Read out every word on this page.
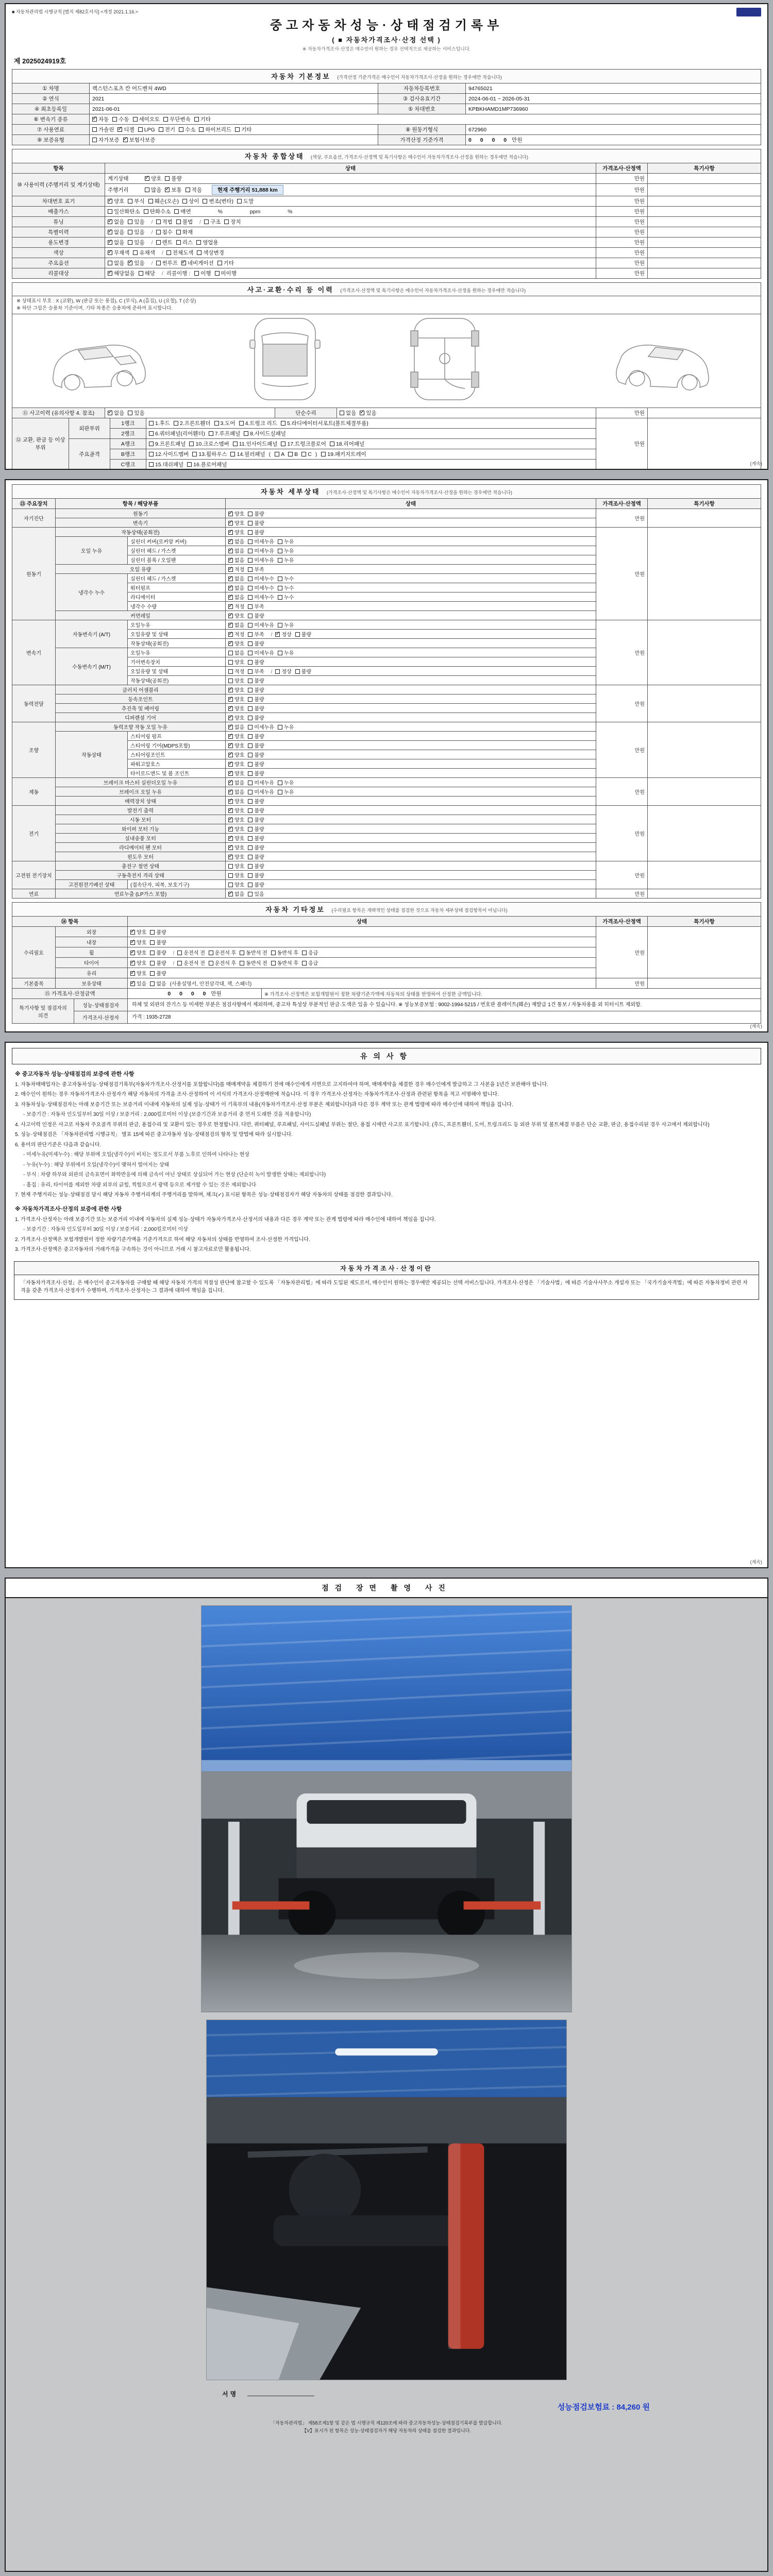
■ 자동차관리법 시행규칙 [별지 제82호서식] <개정 2021.1.16.>
중고자동차성능·상태점검기록부
( ■ 자동차가격조사·산정 선택 )
※ 자동차가격조사·산정은 매수인이 원하는 경우 선택적으로 제공하는 서비스입니다.
제 2025024919호
자동차 기본정보 (가격산정 기준가격은 매수인이 자동차가격조사·산정을 원하는 경우에만 적습니다)
① 차명	렉스턴스포츠 칸 어드벤처 4WD	자동차등록번호	94765021
② 연식	2021	③ 검사유효기간	2024-06-01 ~ 2026-05-31
④ 최초등록일	2021-06-01	⑤ 차대번호	KPBKHAMD1MP736960
⑥ 변속기 종류	✓자동 수동 세미오토 무단변속 기타
⑦ 사용연료	가솔린 ✓ 디젤 LPG 전기 수소 하이브리드 기타	⑧ 원동기형식	672960
⑨ 보증유형	자가보증 ✓ 보험사보증	가격산정 기준가격	0 0 0 0 만원
자동차 종합상태 (색상, 주요옵션, 가격조사·산정액 및 특기사항은 매수인이 자동차가격조사·산정을 원하는 경우에만 적습니다)
항목	상태	가격조사·산정액	특기사항
⑩ 사용이력 (주행거리 및 계기상태)	계기상태 ✓ 양호 불량	만원	
	주행거리 많음 ✓ 보통 적음 현재 주행거리 51,888 km	만원	
차대번호 표기	✓양호 부식 훼손(오손) 상이 변조(변타) 도말	만원	
배출가스	일산화탄소 탄화수소 매연　　　　 %　　　　 ppm　　　　 %	만원	
튜닝	✓없음 있음 / 적법 불법 / 구조 장치	만원	
특별이력	✓없음 있음 / 침수 화재	만원	
용도변경	✓없음 있음 / 렌트 리스 영업용	만원	
색상	✓무채색 유채색 / 전체도색 색상변경	만원	
주요옵션	없음 ✓ 있음 / 썬루프 ✓ 네비게이션 기타	만원	
리콜대상	✓해당없음 해당 / 리콜이행 : 이행 미이행	만원	
사고·교환·수리 등 이력 (가격조사·산정액 및 특기사항은 매수인이 자동차가격조사·산정을 원하는 경우에만 적습니다)
※ 상태표시 부호 : X (교환), W (판금 또는 용접), C (부식), A (흠집), U (요철), T (손상)
※ 하단 그림은 승용차 기준이며, 기타 차종은 승용차에 준하여 표시합니다.
⑪ 사고이력 (유의사항 4. 참조)	✓없음 있음	단순수리	없음 ✓ 있음	만원	
⑫ 교환, 판금 등 이상 부위	외판부위	1랭크	1.후드 2.프론트휀더 3.도어 4.트렁크 리드 5.라디에이터서포트(볼트체결부품)	만원	
		2랭크	6.쿼터패널(리어휀더) 7.루프패널 8.사이드실패널		
	주요골격	A랭크	9.프론트패널 10.크로스멤버 11.인사이드패널 17.트렁크플로어 18.리어패널		
		B랭크	12.사이드멤버 13.휠하우스 14.필러패널 ( A B C ) 19.패키지트레이		
		C랭크	15.대쉬패널 16.플로어패널			(계속)
자동차 세부상태 (가격조사·산정액 및 특기사항은 매수인이 자동차가격조사·산정을 원하는 경우에만 적습니다)
⑬ 주요장치	항목 / 해당부품		상태	가격조사·산정액	특기사항
자기진단	원동기	✓양호 불량	만원	
	변속기	✓양호 불량
원동기	작동상태(공회전)	✓양호 불량	만원	
	오일 누유	실린더 커버(로커암 커버)	✓없음 미세누유 누유
		실린더 헤드 / 가스켓	✓없음 미세누유 누유
		실린더 블록 / 오일팬	✓없음 미세누유 누유
	오일 유량	✓적정 부족
	냉각수 누수	실린더 헤드 / 가스켓	✓없음 미세누수 누수
		워터펌프	✓없음 미세누수 누수
		라디에이터	✓없음 미세누수 누수
		냉각수 수량	✓적정 부족
	커먼레일	✓양호 불량
변속기	자동변속기 (A/T)	오일누유	✓없음 미세누유 누유	만원	
		오일유량 및 상태	✓적정 부족 / ✓ 정상 불량
		작동상태(공회전)	✓양호 불량
	수동변속기 (M/T)	오일누유	없음 미세누유 누유		
		기어변속장치	양호 불량		
		오일유량 및 상태	적정 부족 / 정상 불량		
		작동상태(공회전)	양호 불량		
동력전달	클러치 어셈블리	✓양호 불량	만원	
	등속조인트	✓양호 불량
	추진축 및 베어링	✓양호 불량
	디퍼렌셜 기어	✓양호 불량
조향	동력조향 작동 오일 누유	✓없음 미세누유 누유	만원	
	작동상태	스티어링 펌프	✓양호 불량
		스티어링 기어(MDPS포함)	✓양호 불량
		스티어링조인트	✓양호 불량
		파워고압호스	✓양호 불량
		타이로드엔드 및 볼 조인트	✓양호 불량
제동	브레이크 마스터 실린더오일 누유	✓없음 미세누유 누유	만원	
	브레이크 오일 누유	✓없음 미세누유 누유
	배력장치 상태	✓양호 불량
전기	발전기 출력	✓양호 불량	만원	
	시동 모터	✓양호 불량
	와이퍼 모터 기능	✓양호 불량
	실내송풍 모터	✓양호 불량
	라디에이터 팬 모터	✓양호 불량
	윈도우 모터	✓양호 불량
고전원 전기장치	충전구 절연 상태		양호 불량	만원	
	구동축전지 격리 상태		양호 불량		
	고전원전기배선 상태	(접속단자, 피복, 보호기구)	양호 불량		
연료	연료누출 (LP가스 포함)	✓없음 있음	만원	
자동차 기타정보 (수리필요 항목은 개략적인 상태를 점검한 것으로 자동차 세부상태 점검항목이 아닙니다)
⑭ 항목		상태	가격조사·산정액	특기사항
수리필요	외장	✓양호 불량	만원	
	내장	✓양호 불량
	휠	✓양호 불량 / 운전석 전 운전석 후 동반석 전 동반석 후 응급
	타이어	✓양호 불량 / 운전석 전 운전석 후 동반석 전 동반석 후 응급
	유리	✓양호 불량
기본품목	보유상태	✓있음 없음 (사용설명서, 안전삼각대, 잭, 스패너)	만원	
⑮ 가격조사·산정금액	0 0 0 0 만원	※ 가격조사·산정액은 보험개발원이 정한 차량기준가액에 자동차의 상태를 반영하여 산정한 금액입니다.
특기사항 및 점검자의 의견	성능·상태점검자	하체 및 외판의 잔기스 등 미세한 부분은 점검사항에서 제외하며, 중고차 특성상 부분적인 판금·도색은 있을 수 있습니다. ※ 성능보증보험 : 9002-1994-5215 / 번호판 플레이트(훼손) 재발급 1건 통보 / 자동차용품 외 히터시트 제외함.
	가격조사·산정자	가격 : 1935-2728
(계속)
유의사항
※ 중고자동차 성능·상태점검의 보증에 관한 사항
1. 자동차매매업자는 중고자동차성능·상태점검기록부(자동차가격조사·산정서를 포함합니다)를 매매계약을 체결하기 전에 매수인에게 서면으로 고지하여야 하며, 매매계약을 체결한 경우 매수인에게 발급하고 그 사본을 1년간 보관해야 합니다.
2. 매수인이 원하는 경우 자동차가격조사·산정자가 해당 자동차의 가격을 조사·산정하여 이 서식의 가격조사·산정액란에 적습니다. 이 경우 가격조사·산정자는 자동차가격조사·산정과 관련된 항목을 적고 서명해야 합니다.
3. 자동차성능·상태점검자는 아래 보증기간 또는 보증거리 이내에 자동차의 실제 성능·상태가 이 기록부의 내용(자동차가격조사·산정 부분은 제외합니다)과 다른 경우 계약 또는 관계 법령에 따라 매수인에 대하여 책임을 집니다.
- 보증기간 : 자동차 인도일부터 30일 이상 / 보증거리 : 2,000킬로미터 이상 (보증기간과 보증거리 중 먼저 도래한 것을 적용합니다)
4. 사고이력 인정은 사고로 자동차 주요골격 부위의 판금, 용접수리 및 교환이 있는 경우로 한정합니다. 다만, 쿼터패널, 루프패널, 사이드실패널 부위는 절단, 용접 시에만 사고로 표기합니다. (후드, 프론트휀더, 도어, 트렁크리드 등 외판 부위 및 볼트체결 부품은 단순 교환, 판금, 용접수리된 경우 사고에서 제외합니다)
5. 성능·상태점검은 「자동차관리법 시행규칙」 별표 15에 따른 중고자동차 성능·상태점검의 항목 및 방법에 따라 실시합니다.
6. 용어의 판단기준은 다음과 같습니다.
- 미세누유(미세누수) : 해당 부위에 오일(냉각수)이 비치는 정도로서 부품 노후로 인하여 나타나는 현상
- 누유(누수) : 해당 부위에서 오일(냉각수)이 맺혀서 떨어지는 상태
- 부식 : 차량 하부와 외판의 금속표면이 화학반응에 의해 금속이 아닌 상태로 상실되어 가는 현상 (단순히 녹이 발생한 상태는 제외합니다)
- 흠집 : 유리, 타이어를 제외한 차량 외부의 긁힘, 찍힘으로서 광택 등으로 제거할 수 있는 것은 제외합니다
7. 현재 주행거리는 성능·상태점검 당시 해당 자동차 주행거리계의 주행거리를 말하며, 체크(✓) 표시된 항목은 성능·상태점검자가 해당 자동차의 상태를 점검한 결과입니다.
※ 자동차가격조사·산정의 보증에 관한 사항
1. 가격조사·산정자는 아래 보증기간 또는 보증거리 이내에 자동차의 실제 성능·상태가 자동차가격조사·산정서의 내용과 다른 경우 계약 또는 관계 법령에 따라 매수인에 대하여 책임을 집니다.
- 보증기간 : 자동차 인도일부터 30일 이상 / 보증거리 : 2,000킬로미터 이상
2. 가격조사·산정액은 보험개발원이 정한 차량기준가액을 기준가격으로 하여 해당 자동차의 상태를 반영하여 조사·산정한 가격입니다.
3. 가격조사·산정액은 중고자동차의 거래가격을 구속하는 것이 아니므로 거래 시 참고자료로만 활용됩니다.
자동차가격조사·산정이란
「자동차가격조사·산정」은 매수인이 중고자동차를 구매할 때 해당 자동차 가격의 적절성 판단에 참고할 수 있도록 「자동차관리법」에 따라 도입된 제도로서, 매수인이 원하는 경우에만 제공되는 선택 서비스입니다. 가격조사·산정은 「기술사법」에 따른 기술사사무소 개설자 또는 「국가기술자격법」에 따른 자동차정비 관련 자격을 갖춘 가격조사·산정자가 수행하며, 가격조사·산정자는 그 결과에 대하여 책임을 집니다.
(계속)
점검 장면 촬영 사진
서명
성능점검보험료 : 84,260 원
「자동차관리법」 제58조제1항 및 같은 법 시행규칙 제120조에 따라 중고자동차성능·상태점검기록부를 발급합니다.
【V】표시가 된 항목은 성능·상태점검자가 해당 자동차의 상태를 점검한 결과입니다.
